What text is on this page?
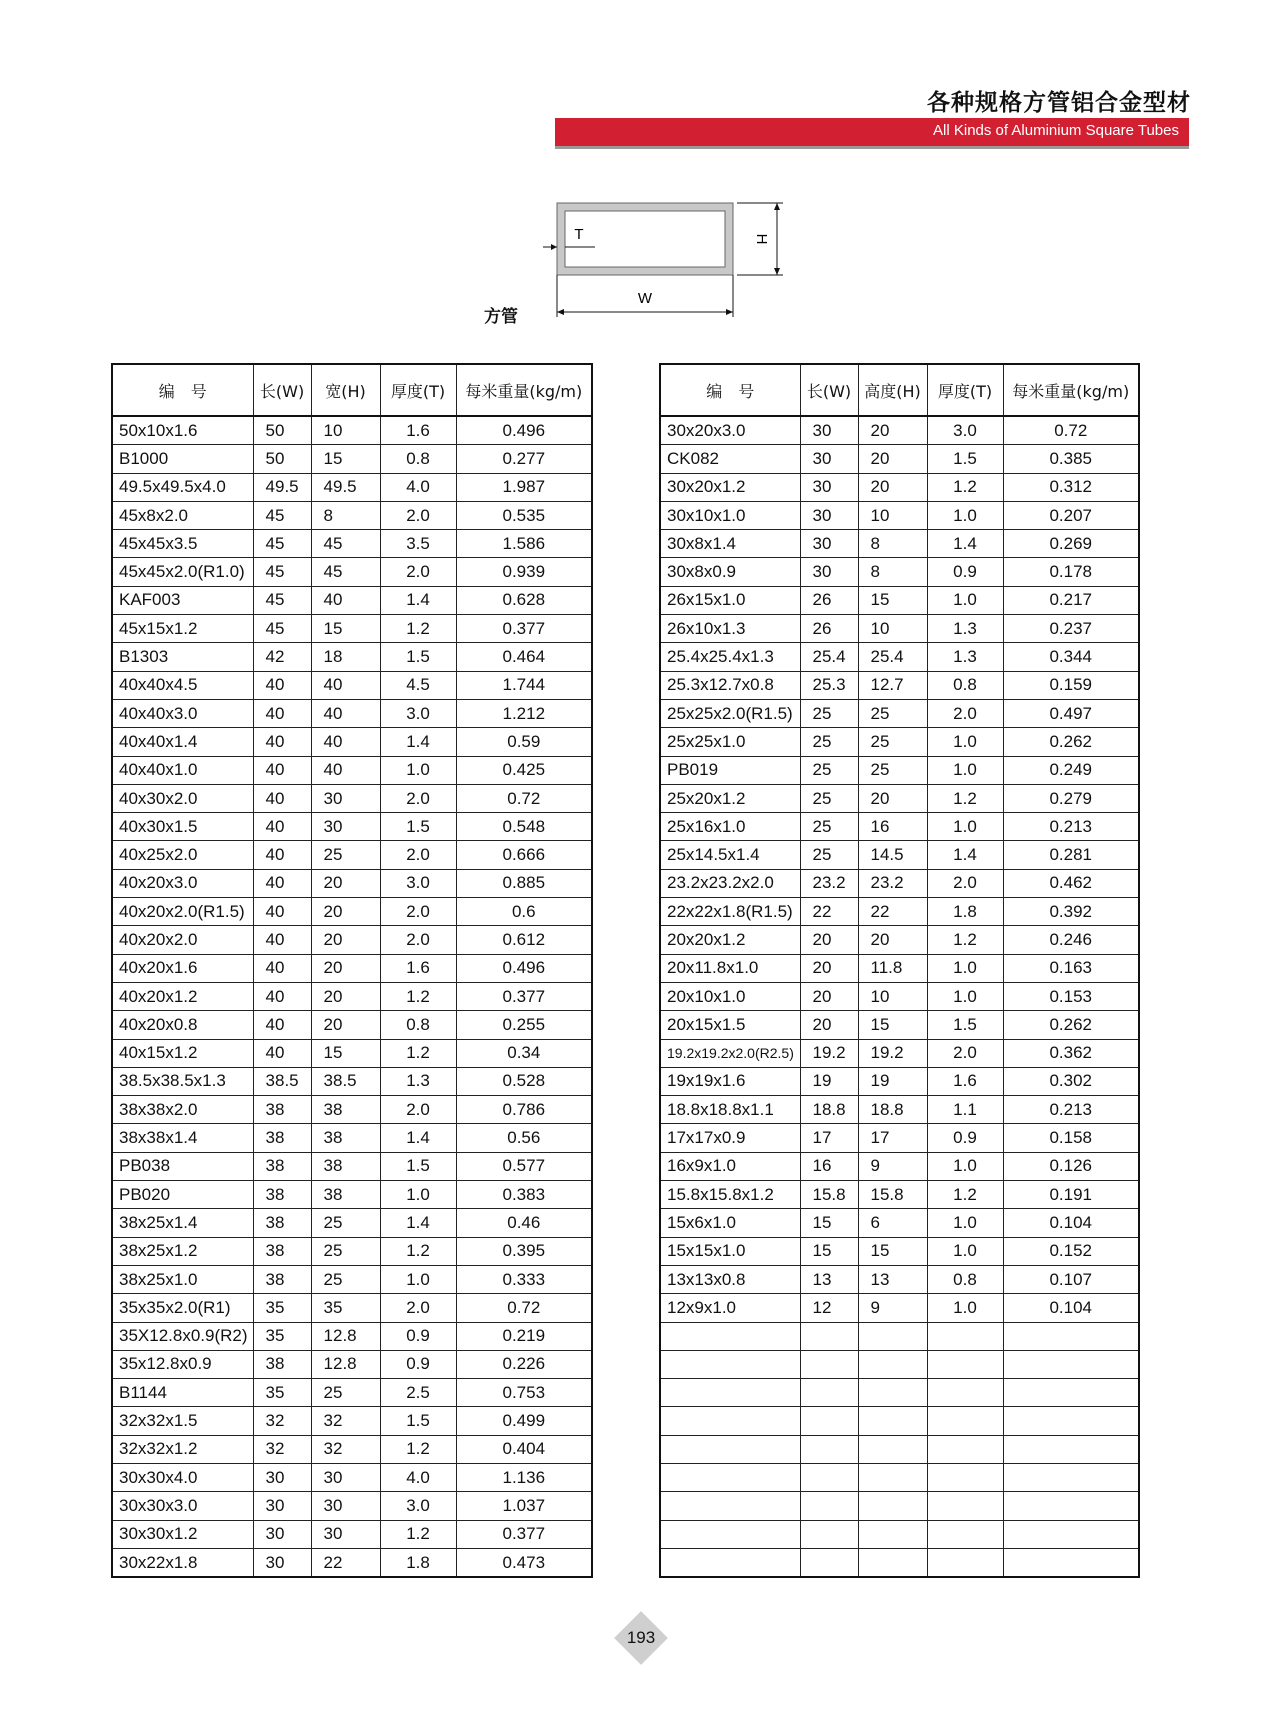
各种规格方管铝合金型材
All Kinds of Aluminium Square Tubes
T	H
W
方管
编　号	长(W)	宽(H)	厚度(T)	每米重量(kg/m)
50x10x1.6	50	10	1.6	0.496
B1000	50	15	0.8	0.277
49.5x49.5x4.0	49.5	49.5	4.0	1.987
45x8x2.0	45	8	2.0	0.535
45x45x3.5	45	45	3.5	1.586
45x45x2.0(R1.0)	45	45	2.0	0.939
KAF003	45	40	1.4	0.628
45x15x1.2	45	15	1.2	0.377
B1303	42	18	1.5	0.464
40x40x4.5	40	40	4.5	1.744
40x40x3.0	40	40	3.0	1.212
40x40x1.4	40	40	1.4	0.59
40x40x1.0	40	40	1.0	0.425
40x30x2.0	40	30	2.0	0.72
40x30x1.5	40	30	1.5	0.548
40x25x2.0	40	25	2.0	0.666
40x20x3.0	40	20	3.0	0.885
40x20x2.0(R1.5)	40	20	2.0	0.6
40x20x2.0	40	20	2.0	0.612
40x20x1.6	40	20	1.6	0.496
40x20x1.2	40	20	1.2	0.377
40x20x0.8	40	20	0.8	0.255
40x15x1.2	40	15	1.2	0.34
38.5x38.5x1.3	38.5	38.5	1.3	0.528
38x38x2.0	38	38	2.0	0.786
38x38x1.4	38	38	1.4	0.56
PB038	38	38	1.5	0.577
PB020	38	38	1.0	0.383
38x25x1.4	38	25	1.4	0.46
38x25x1.2	38	25	1.2	0.395
38x25x1.0	38	25	1.0	0.333
35x35x2.0(R1)	35	35	2.0	0.72
35X12.8x0.9(R2)	35	12.8	0.9	0.219
35x12.8x0.9	38	12.8	0.9	0.226
B1144	35	25	2.5	0.753
32x32x1.5	32	32	1.5	0.499
32x32x1.2	32	32	1.2	0.404
30x30x4.0	30	30	4.0	1.136
30x30x3.0	30	30	3.0	1.037
30x30x1.2	30	30	1.2	0.377
30x22x1.8	30	22	1.8	0.473
编　号	长(W)	高度(H)	厚度(T)	每米重量(kg/m)
30x20x3.0	30	20	3.0	0.72
CK082	30	20	1.5	0.385
30x20x1.2	30	20	1.2	0.312
30x10x1.0	30	10	1.0	0.207
30x8x1.4	30	8	1.4	0.269
30x8x0.9	30	8	0.9	0.178
26x15x1.0	26	15	1.0	0.217
26x10x1.3	26	10	1.3	0.237
25.4x25.4x1.3	25.4	25.4	1.3	0.344
25.3x12.7x0.8	25.3	12.7	0.8	0.159
25x25x2.0(R1.5)	25	25	2.0	0.497
25x25x1.0	25	25	1.0	0.262
PB019	25	25	1.0	0.249
25x20x1.2	25	20	1.2	0.279
25x16x1.0	25	16	1.0	0.213
25x14.5x1.4	25	14.5	1.4	0.281
23.2x23.2x2.0	23.2	23.2	2.0	0.462
22x22x1.8(R1.5)	22	22	1.8	0.392
20x20x1.2	20	20	1.2	0.246
20x11.8x1.0	20	11.8	1.0	0.163
20x10x1.0	20	10	1.0	0.153
20x15x1.5	20	15	1.5	0.262
19.2x19.2x2.0(R2.5)	19.2	19.2	2.0	0.362
19x19x1.6	19	19	1.6	0.302
18.8x18.8x1.1	18.8	18.8	1.1	0.213
17x17x0.9	17	17	0.9	0.158
16x9x1.0	16	9	1.0	0.126
15.8x15.8x1.2	15.8	15.8	1.2	0.191
15x6x1.0	15	6	1.0	0.104
15x15x1.0	15	15	1.0	0.152
13x13x0.8	13	13	0.8	0.107
12x9x1.0	12	9	1.0	0.104

193
